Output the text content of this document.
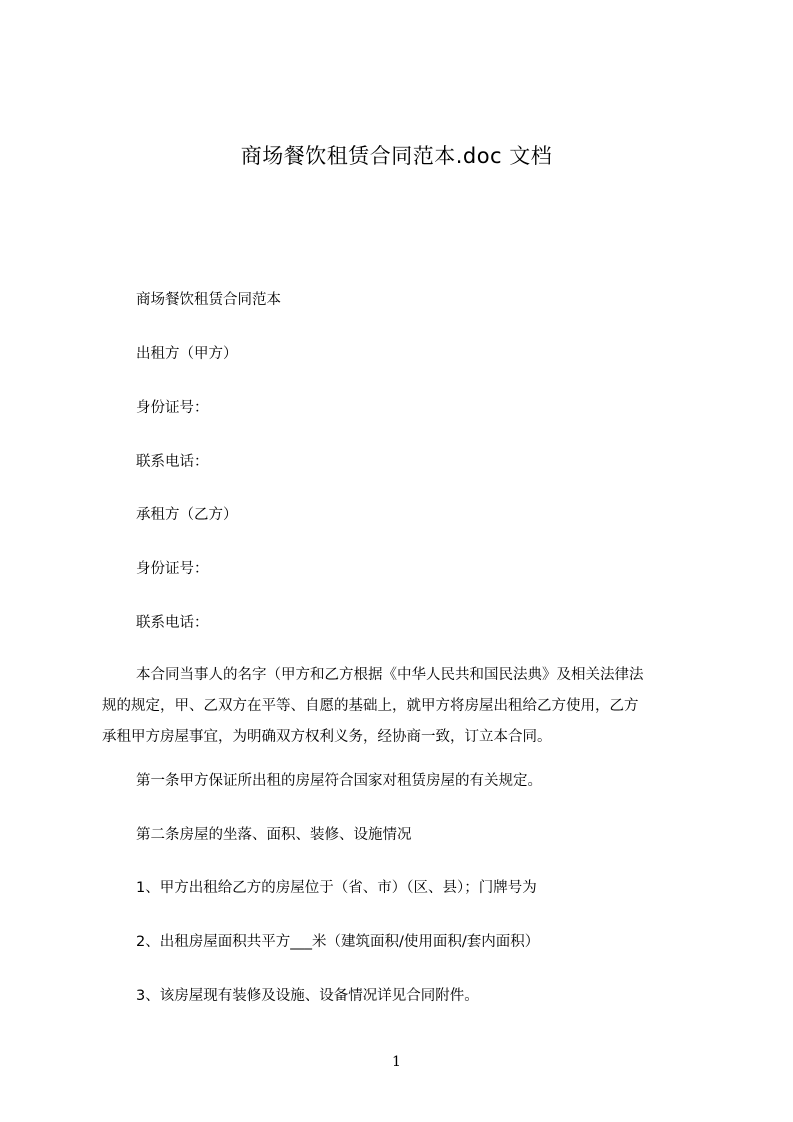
商场餐饮租赁合同范本.doc 文档
商场餐饮租赁合同范本
出租方（甲方）
身份证号：
联系电话：
承租方（乙方）
身份证号：
联系电话：
本合同当事人的名字（甲方和乙方根据《中华人民共和国民法典》及相关法律法
规的规定，甲、乙双方在平等、自愿的基础上，就甲方将房屋出租给乙方使用，乙方
承租甲方房屋事宜，为明确双方权利义务，经协商一致，订立本合同。
第一条甲方保证所出租的房屋符合国家对租赁房屋的有关规定。
第二条房屋的坐落、面积、装修、设施情况
1、甲方出租给乙方的房屋位于（省、市）（区、县）；门牌号为
2、出租房屋面积共平方___米（建筑面积/使用面积/套内面积）
3、该房屋现有装修及设施、设备情况详见合同附件。
1
